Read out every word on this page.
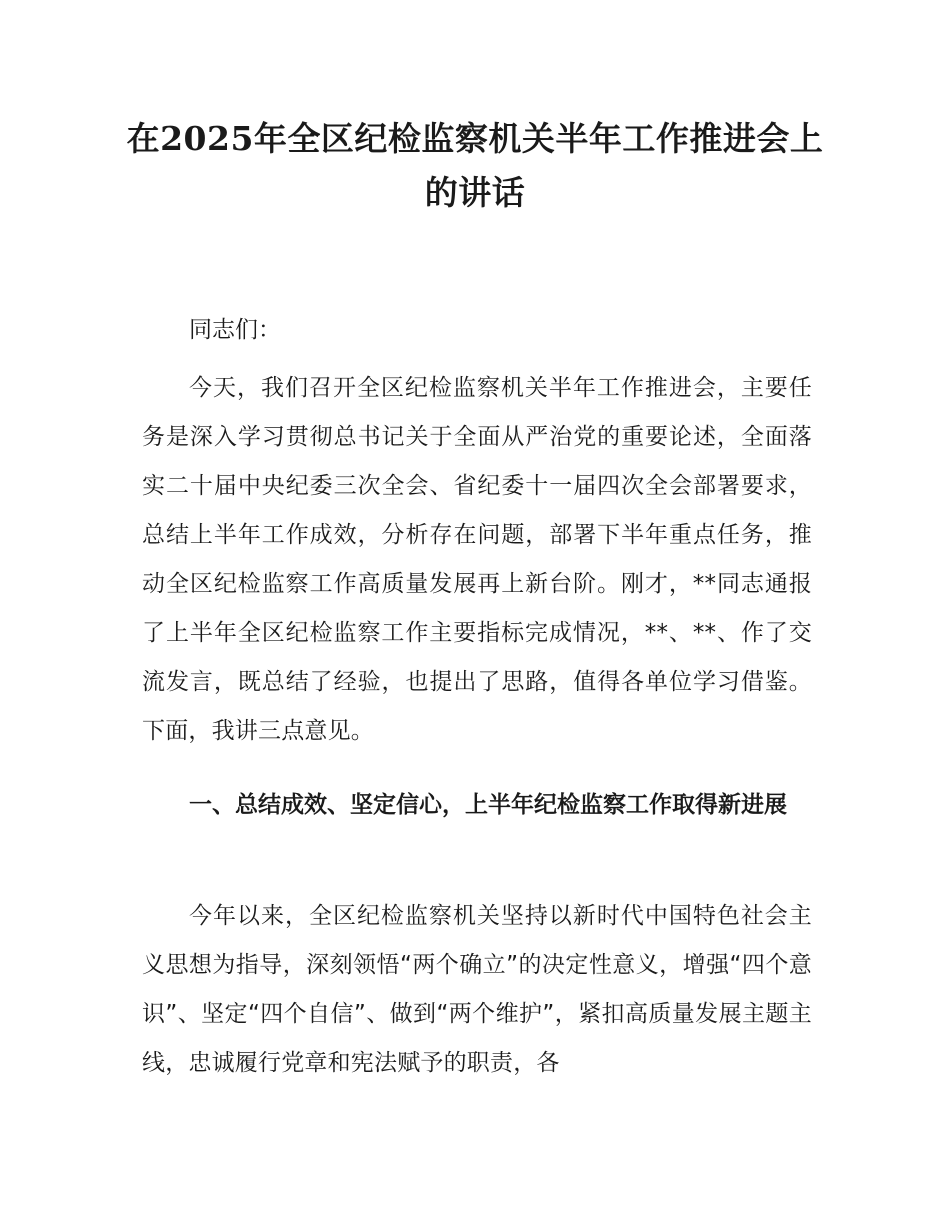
在2025年全区纪检监察机关半年工作推进会上的讲话

同志们：

今天，我们召开全区纪检监察机关半年工作推进会，主要任务是深入学习贯彻总书记关于全面从严治党的重要论述，全面落实二十届中央纪委三次全会、省纪委十一届四次全会部署要求，总结上半年工作成效，分析存在问题，部署下半年重点任务，推动全区纪检监察工作高质量发展再上新台阶。刚才，**同志通报了上半年全区纪检监察工作主要指标完成情况，**、**、作了交流发言，既总结了经验，也提出了思路，值得各单位学习借鉴。下面，我讲三点意见。

一、总结成效、坚定信心，上半年纪检监察工作取得新进展

今年以来，全区纪检监察机关坚持以新时代中国特色社会主义思想为指导，深刻领悟“两个确立”的决定性意义，增强“四个意识”、坚定“四个自信”、做到“两个维护”，紧扣高质量发展主题主线，忠诚履行党章和宪法赋予的职责，各
